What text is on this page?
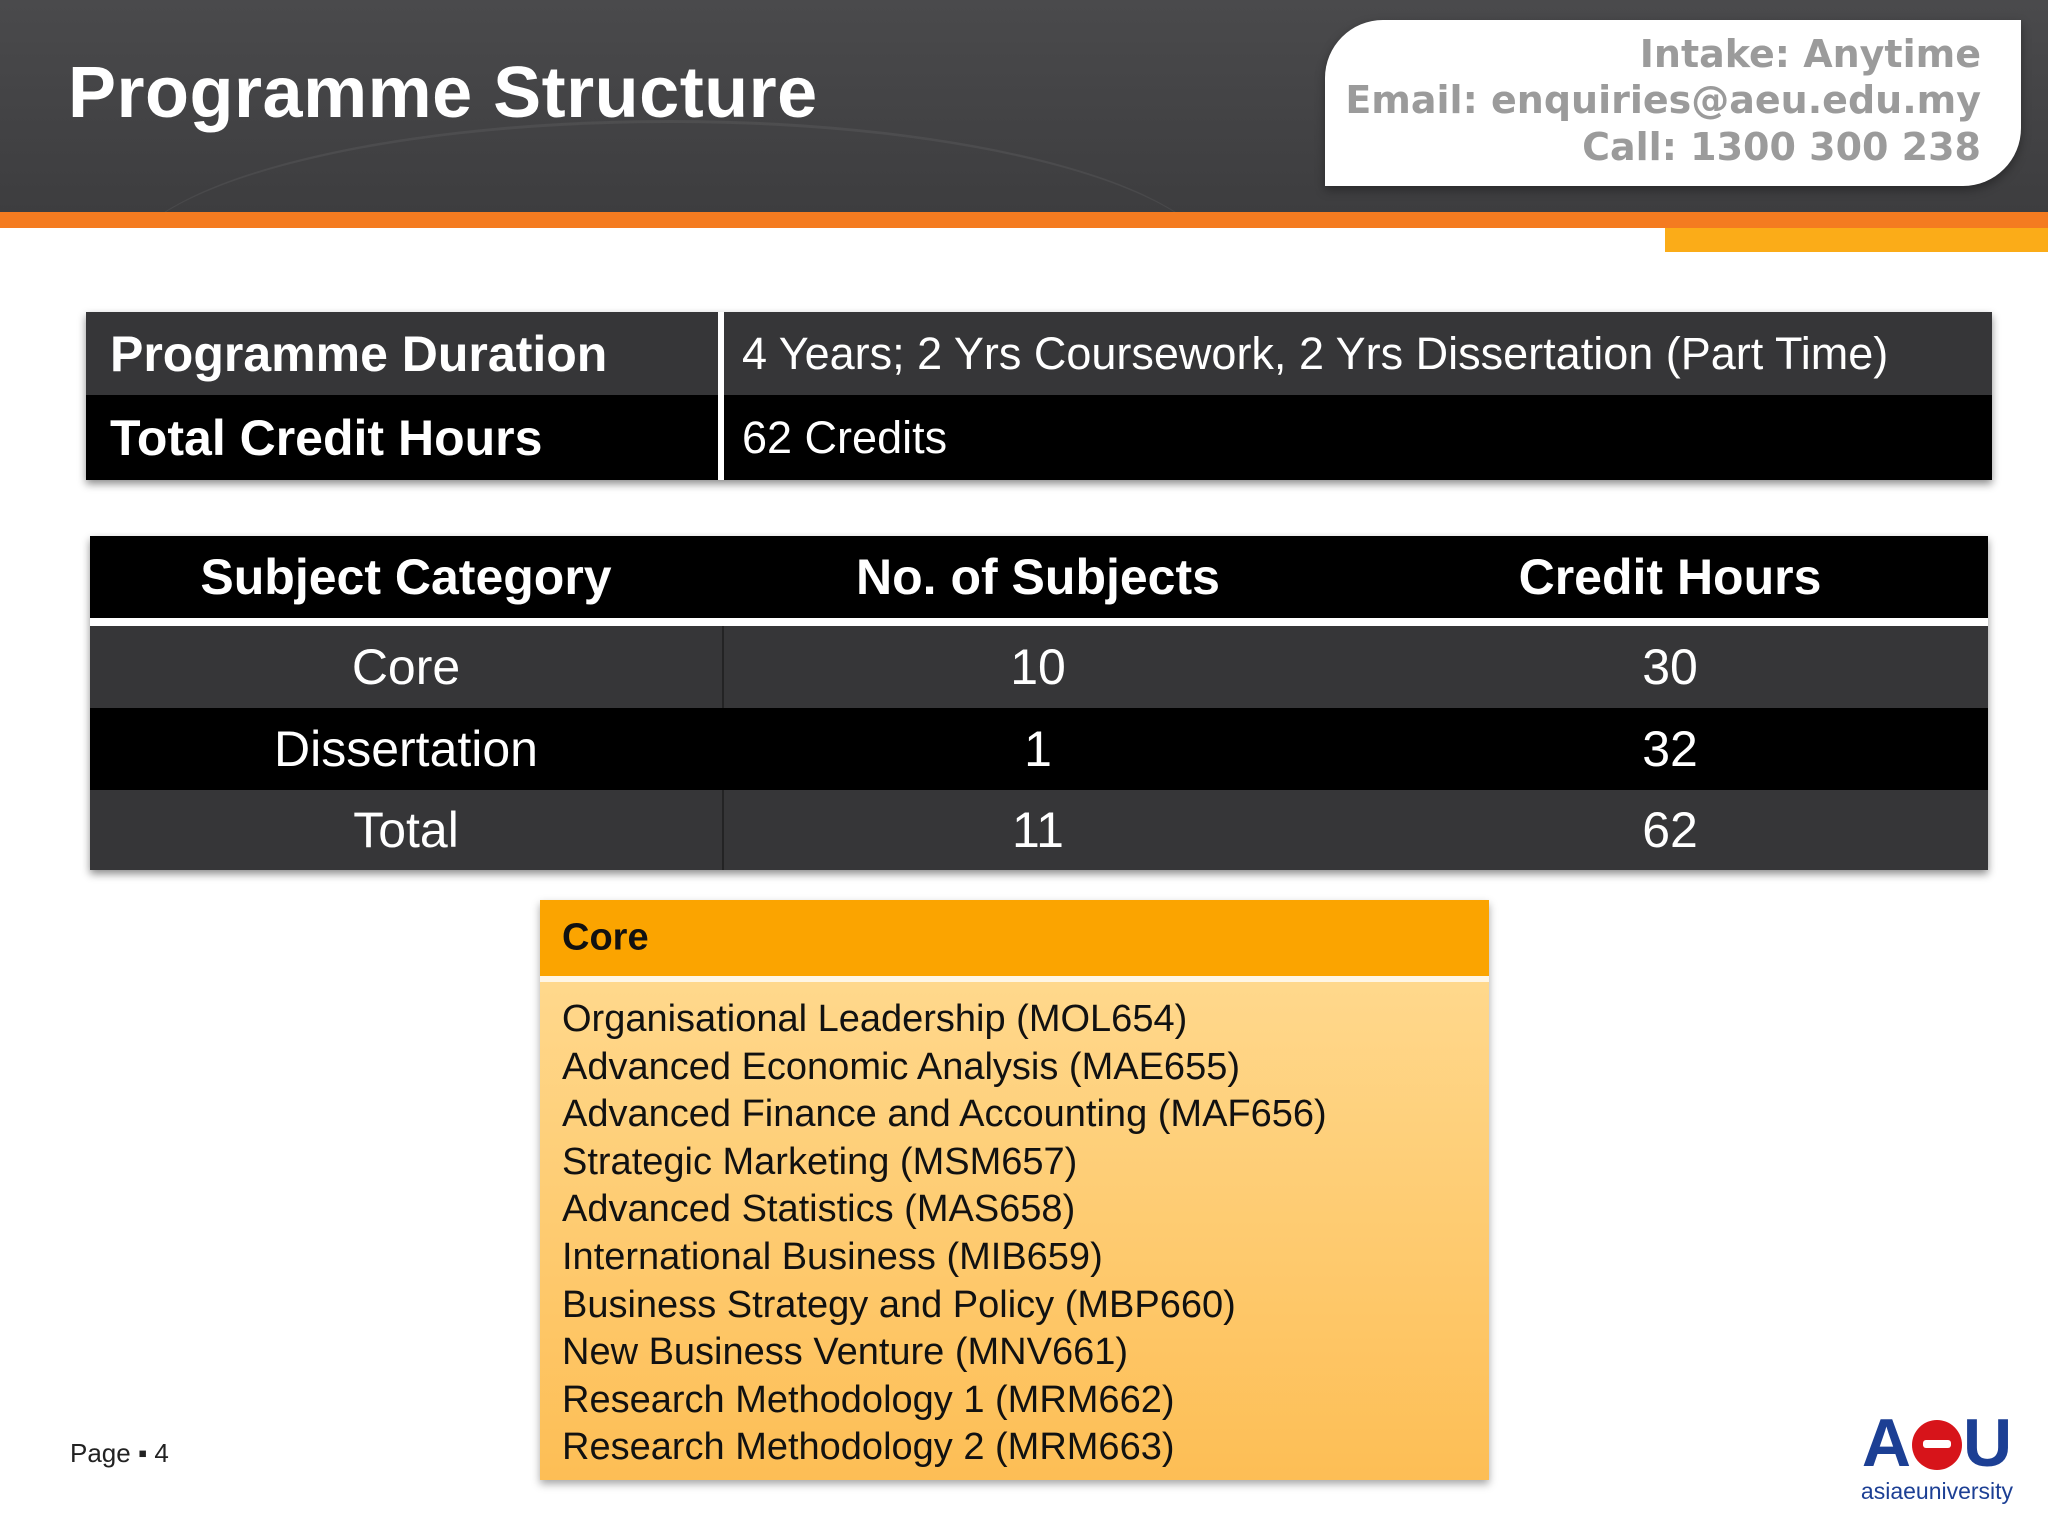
Programme Structure	Intake: Anytime
Email: enquiries@aeu.edu.my
Call: 1300 300 238
Programme Duration	4 Years; 2 Yrs Coursework, 2 Yrs Dissertation (Part Time)
Total Credit Hours	62 Credits
Subject Category	No. of Subjects	Credit Hours
Core	10	30
Dissertation	1	32
Total	11	62
Core
Organisational Leadership (MOL654)
Advanced Economic Analysis (MAE655)
Advanced Finance and Accounting (MAF656)
Strategic Marketing (MSM657)
Advanced Statistics (MAS658)
International Business (MIB659)
Business Strategy and Policy (MBP660)
New Business Venture (MNV661)
Research Methodology 1 (MRM662)
Research Methodology 2 (MRM663)
Page ▪ 4	A U
asiaeuniversity
